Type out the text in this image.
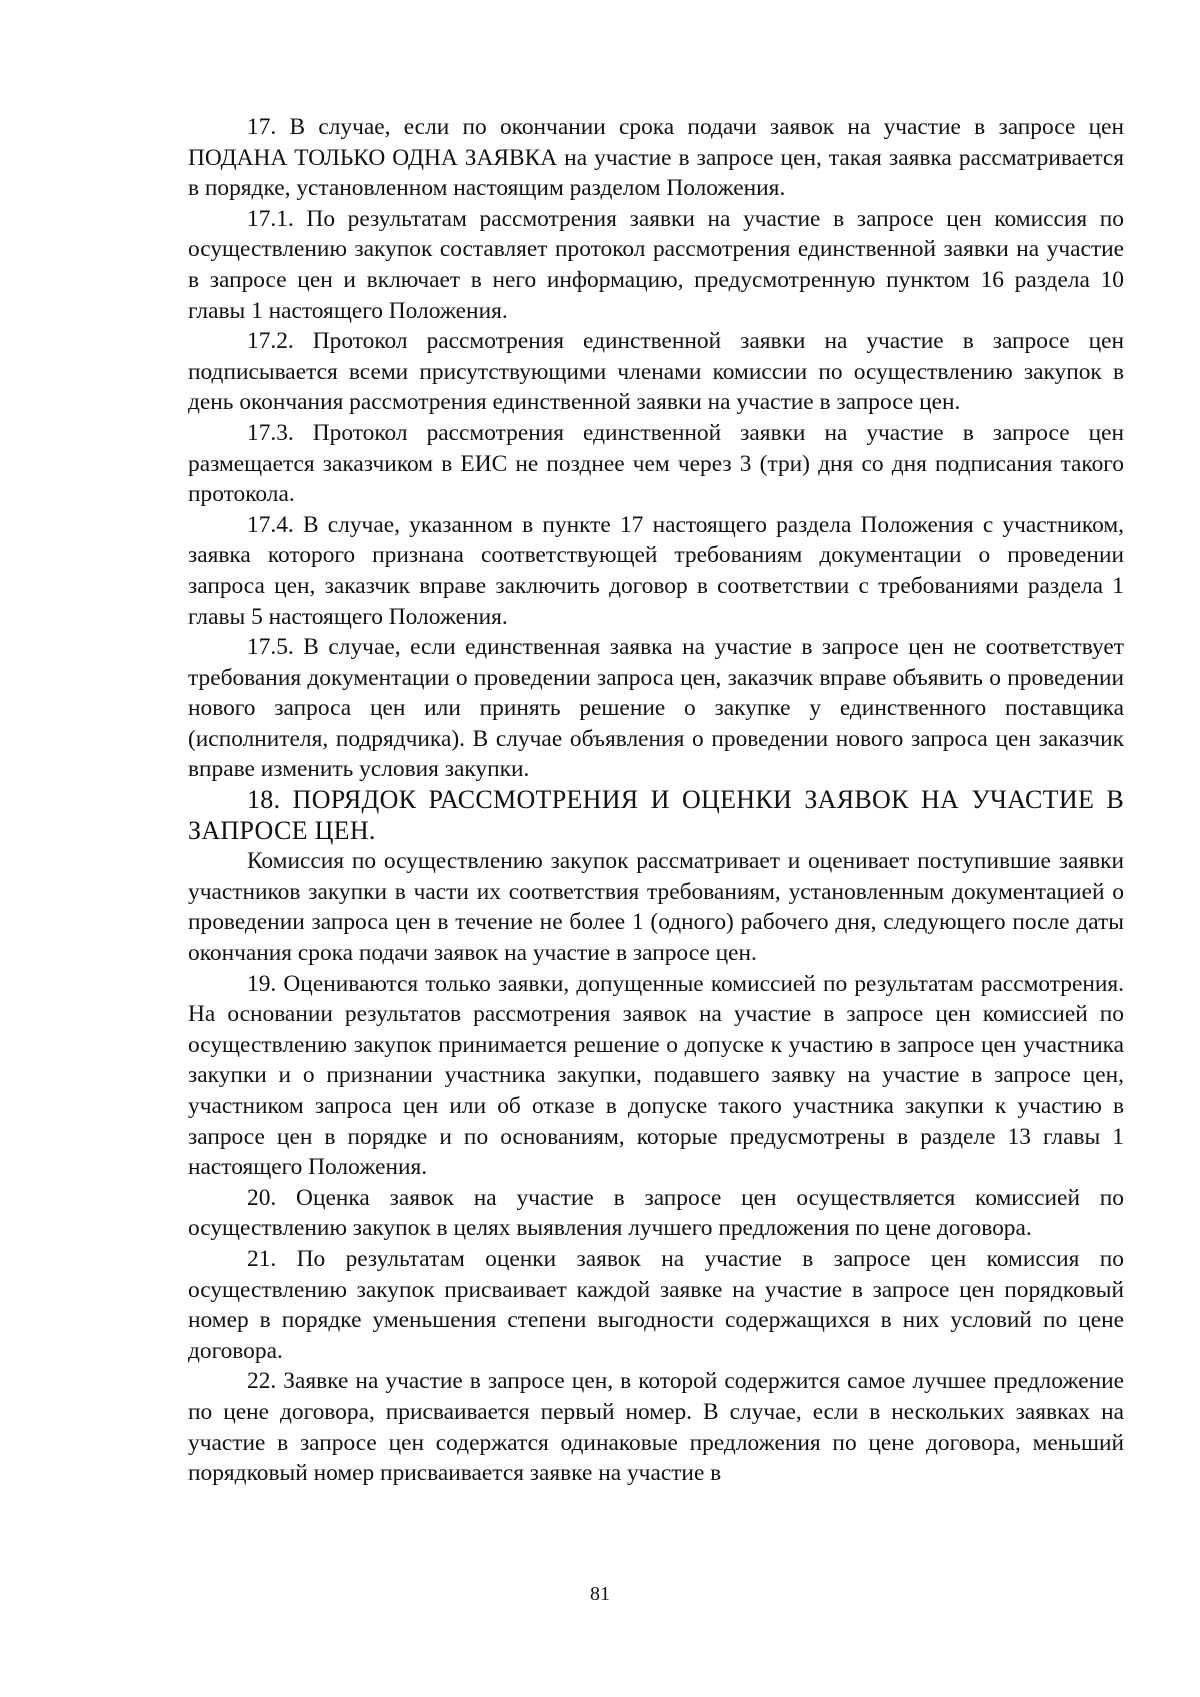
17. В случае, если по окончании срока подачи заявок на участие в запросе цен ПОДАНА ТОЛЬКО ОДНА ЗАЯВКА на участие в запросе цен, такая заявка рассматривается в порядке, установленном настоящим разделом Положения.

17.1. По результатам рассмотрения заявки на участие в запросе цен комиссия по осуществлению закупок составляет протокол рассмотрения единственной заявки на участие в запросе цен и включает в него информацию, предусмотренную пунктом 16 раздела 10 главы 1 настоящего Положения.

17.2. Протокол рассмотрения единственной заявки на участие в запросе цен подписывается всеми присутствующими членами комиссии по осуществлению закупок в день окончания рассмотрения единственной заявки на участие в запросе цен.

17.3. Протокол рассмотрения единственной заявки на участие в запросе цен размещается заказчиком в ЕИС не позднее чем через 3 (три) дня со дня подписания такого протокола.

17.4. В случае, указанном в пункте 17 настоящего раздела Положения с участником, заявка которого признана соответствующей требованиям документации о проведении запроса цен, заказчик вправе заключить договор в соответствии с требованиями раздела 1 главы 5 настоящего Положения.

17.5. В случае, если единственная заявка на участие в запросе цен не соответствует требования документации о проведении запроса цен, заказчик вправе объявить о проведении нового запроса цен или принять решение о закупке у единственного поставщика (исполнителя, подрядчика). В случае объявления о проведении нового запроса цен заказчик вправе изменить условия закупки.

18. ПОРЯДОК РАССМОТРЕНИЯ И ОЦЕНКИ ЗАЯВОК НА УЧАСТИЕ В ЗАПРОСЕ ЦЕН.

Комиссия по осуществлению закупок рассматривает и оценивает поступившие заявки участников закупки в части их соответствия требованиям, установленным документацией о проведении запроса цен в течение не более 1 (одного) рабочего дня, следующего после даты окончания срока подачи заявок на участие в запросе цен.

19. Оцениваются только заявки, допущенные комиссией по результатам рассмотрения. На основании результатов рассмотрения заявок на участие в запросе цен комиссией по осуществлению закупок принимается решение о допуске к участию в запросе цен участника закупки и о признании участника закупки, подавшего заявку на участие в запросе цен, участником запроса цен или об отказе в допуске такого участника закупки к участию в запросе цен в порядке и по основаниям, которые предусмотрены в разделе 13 главы 1 настоящего Положения.

20. Оценка заявок на участие в запросе цен осуществляется комиссией по осуществлению закупок в целях выявления лучшего предложения по цене договора.

21. По результатам оценки заявок на участие в запросе цен комиссия по осуществлению закупок присваивает каждой заявке на участие в запросе цен порядковый номер в порядке уменьшения степени выгодности содержащихся в них условий по цене договора.

22. Заявке на участие в запросе цен, в которой содержится самое лучшее предложение по цене договора, присваивается первый номер. В случае, если в нескольких заявках на участие в запросе цен содержатся одинаковые предложения по цене договора, меньший порядковый номер присваивается заявке на участие в

81
